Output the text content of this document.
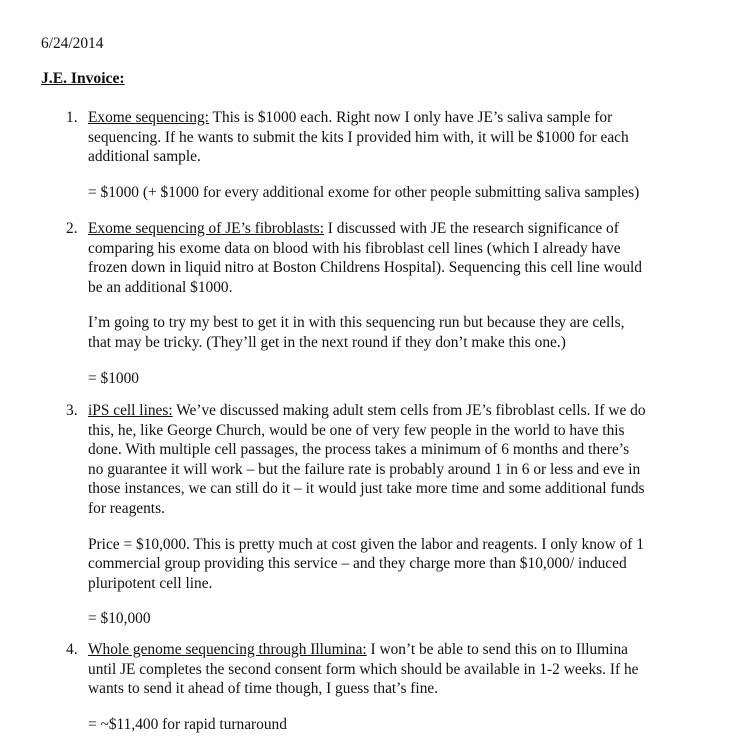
6/24/2014

J.E. Invoice:

1. Exome sequencing: This is $1000 each. Right now I only have JE’s saliva sample for

sequencing. If he wants to submit the kits I provided him with, it will be $1000 for each

additional sample.

= $1000 (+ $1000 for every additional exome for other people submitting saliva samples)

2. Exome sequencing of JE’s fibroblasts: I discussed with JE the research significance of

comparing his exome data on blood with his fibroblast cell lines (which I already have

frozen down in liquid nitro at Boston Childrens Hospital). Sequencing this cell line would

be an additional $1000.

I’m going to try my best to get it in with this sequencing run but because they are cells,

that may be tricky. (They’ll get in the next round if they don’t make this one.)

= $1000

3. iPS cell lines: We’ve discussed making adult stem cells from JE’s fibroblast cells. If we do

this, he, like George Church, would be one of very few people in the world to have this

done. With multiple cell passages, the process takes a minimum of 6 months and there’s

no guarantee it will work – but the failure rate is probably around 1 in 6 or less and eve in

those instances, we can still do it – it would just take more time and some additional funds

for reagents.

Price = $10,000. This is pretty much at cost given the labor and reagents. I only know of 1

commercial group providing this service – and they charge more than $10,000/ induced

pluripotent cell line.

= $10,000

4. Whole genome sequencing through Illumina: I won’t be able to send this on to Illumina

until JE completes the second consent form which should be available in 1-2 weeks. If he

wants to send it ahead of time though, I guess that’s fine.

= ~$11,400 for rapid turnaround
